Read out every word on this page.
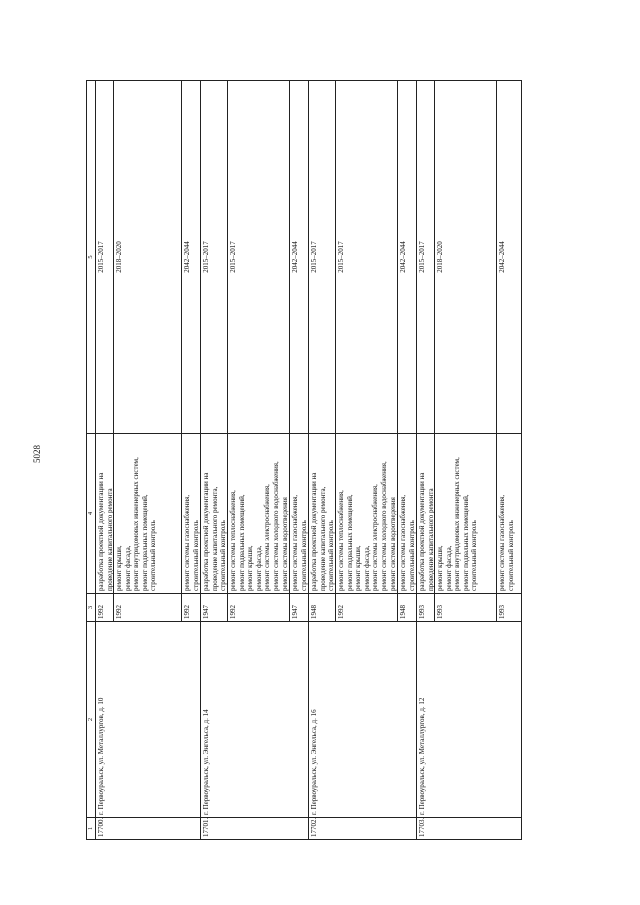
5028
1
2
3
4
5
17700.
г. Первоуральск, ул. Металлургов, д. 10
1992
разработка проектной документации на проведение капитального ремонта
2015–2017
1992
ремонт крыши, ремонт фасада, ремонт внутридомовых инженерных систем, ремонт подвальных помещений, строительный контроль
2018–2020
1992
ремонт системы газоснабжения, строительный контроль
2042–2044
17701.
г. Первоуральск, ул. Энгельса, д. 14
1947
разработка проектной документации на проведение капитального ремонта, строительный контроль
2015–2017
1992
ремонт системы теплоснабжения, ремонт подвальных помещений, ремонт крыши, ремонт фасада, ремонт системы электроснабжения, ремонт системы холодного водоснабжения, ремонт системы водоотведения
2015–2017
1947
ремонт системы газоснабжения, строительный контроль
2042–2044
17702.
г. Первоуральск, ул. Энгельса, д. 16
1948
разработка проектной документации на проведение капитального ремонта, строительный контроль
2015–2017
1992
ремонт системы теплоснабжения, ремонт подвальных помещений, ремонт крыши, ремонт фасада, ремонт системы электроснабжения, ремонт системы холодного водоснабжения, ремонт системы водоотведения
2015–2017
1948
ремонт системы газоснабжения, строительный контроль
2042–2044
17703.
г. Первоуральск, ул. Металлургов, д. 12
1993
разработка проектной документации на проведение капитального ремонта
2015–2017
1993
ремонт крыши, ремонт фасада, ремонт внутридомовых инженерных систем, ремонт подвальных помещений, строительный контроль
2018–2020
1993
ремонт системы газоснабжения, строительный контроль
2042–2044
